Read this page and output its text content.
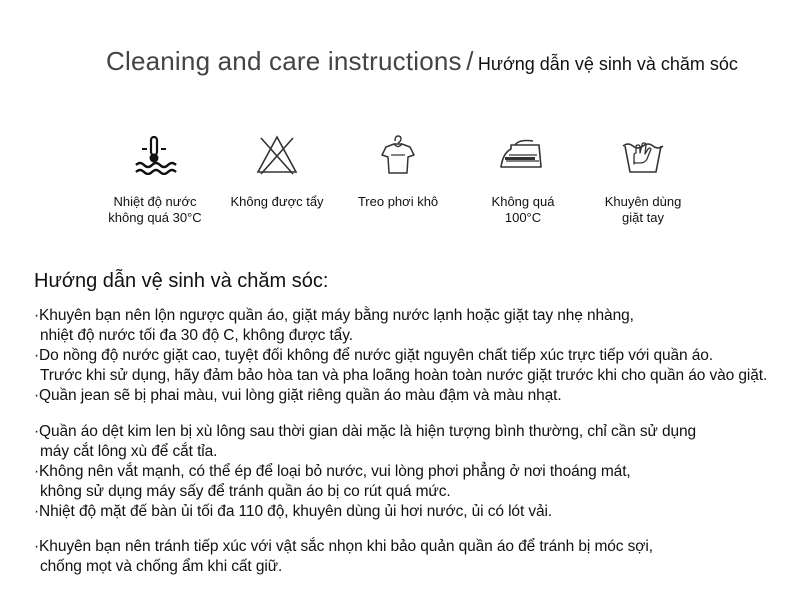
Cleaning and care instructions / Hướng dẫn vệ sinh và chăm sóc
Nhiệt độ nước
không quá 30°C
Không được tẩy	Treo phơi khô	Không quá
100°C
Khuyên dùng
giặt tay
Hướng dẫn vệ sinh và chăm sóc:
·Khuyên bạn nên lộn ngược quần áo, giặt máy bằng nước lạnh hoặc giặt tay nhẹ nhàng,
nhiệt độ nước tối đa 30 độ C, không được tẩy.
·Do nồng độ nước giặt cao, tuyệt đối không để nước giặt nguyên chất tiếp xúc trực tiếp với quần áo.
Trước khi sử dụng, hãy đảm bảo hòa tan và pha loãng hoàn toàn nước giặt trước khi cho quần áo vào giặt.
·Quần jean sẽ bị phai màu, vui lòng giặt riêng quần áo màu đậm và màu nhạt.
·Quần áo dệt kim len bị xù lông sau thời gian dài mặc là hiện tượng bình thường, chỉ cần sử dụng
máy cắt lông xù để cắt tỉa.
·Không nên vắt mạnh, có thể ép để loại bỏ nước, vui lòng phơi phẳng ở nơi thoáng mát,
không sử dụng máy sấy để tránh quần áo bị co rút quá mức.
·Nhiệt độ mặt đế bàn ủi tối đa 110 độ, khuyên dùng ủi hơi nước, ủi có lót vải.
·Khuyên bạn nên tránh tiếp xúc với vật sắc nhọn khi bảo quản quần áo để tránh bị móc sợi,
chống mọt và chống ẩm khi cất giữ.
